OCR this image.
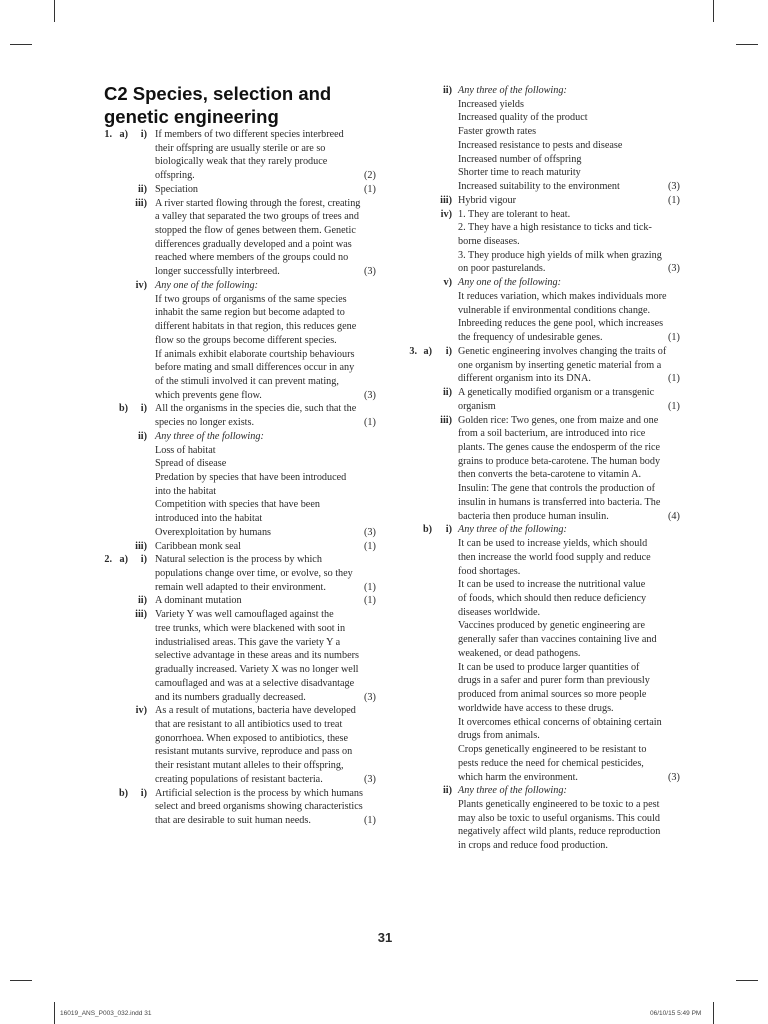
C2 Species, selection and genetic engineering
1. a)	i) If members of two different species interbreed
their offspring are usually sterile or are so
biologically weak that they rarely produce
offspring.	(2)
ii) Speciation	(1)
iii) A river started flowing through the forest, creating
a valley that separated the two groups of trees and
stopped the flow of genes between them. Genetic
differences gradually developed and a point was
reached where members of the groups could no
longer successfully interbreed.	(3)
iv) Any one of the following:
If two groups of organisms of the same species
inhabit the same region but become adapted to
different habitats in that region, this reduces gene
flow so the groups become different species.
If animals exhibit elaborate courtship behaviours
before mating and small differences occur in any
of the stimuli involved it can prevent mating,
which prevents gene flow.	(3)
b)	i) All the organisms in the species die, such that the
species no longer exists.	(1)
ii) Any three of the following:
Loss of habitat
Spread of disease
Predation by species that have been introduced
into the habitat
Competition with species that have been
introduced into the habitat
Overexploitation by humans	(3)
iii) Caribbean monk seal	(1)
2. a)	i) Natural selection is the process by which
populations change over time, or evolve, so they
remain well adapted to their environment.	(1)
ii) A dominant mutation	(1)
iii) Variety Y was well camouflaged against the
tree trunks, which were blackened with soot in
industrialised areas. This gave the variety Y a
selective advantage in these areas and its numbers
gradually increased. Variety X was no longer well
camouflaged and was at a selective disadvantage
and its numbers gradually decreased.	(3)
iv) As a result of mutations, bacteria have developed
that are resistant to all antibiotics used to treat
gonorrhoea. When exposed to antibiotics, these
resistant mutants survive, reproduce and pass on
their resistant mutant alleles to their offspring,
creating populations of resistant bacteria.	(3)
b)	i) Artificial selection is the process by which humans
select and breed organisms showing characteristics
that are desirable to suit human needs.	(1)
ii) Any three of the following:
Increased yields
Increased quality of the product
Faster growth rates
Increased resistance to pests and disease
Increased number of offspring
Shorter time to reach maturity
Increased suitability to the environment	(3)
iii) Hybrid vigour	(1)
iv) 1. They are tolerant to heat.
2. They have a high resistance to ticks and tick-
borne diseases.
3. They produce high yields of milk when grazing
on poor pasturelands.	(3)
v) Any one of the following:
It reduces variation, which makes individuals more
vulnerable if environmental conditions change.
Inbreeding reduces the gene pool, which increases
the frequency of undesirable genes.	(1)
3. a)	i) Genetic engineering involves changing the traits of
one organism by inserting genetic material from a
different organism into its DNA.	(1)
ii) A genetically modified organism or a transgenic
organism	(1)
iii) Golden rice: Two genes, one from maize and one
from a soil bacterium, are introduced into rice
plants. The genes cause the endosperm of the rice
grains to produce beta-carotene. The human body
then converts the beta-carotene to vitamin A.
Insulin: The gene that controls the production of
insulin in humans is transferred into bacteria. The
bacteria then produce human insulin.	(4)
b)	i) Any three of the following:
It can be used to increase yields, which should
then increase the world food supply and reduce
food shortages.
It can be used to increase the nutritional value
of foods, which should then reduce deficiency
diseases worldwide.
Vaccines produced by genetic engineering are
generally safer than vaccines containing live and
weakened, or dead pathogens.
It can be used to produce larger quantities of
drugs in a safer and purer form than previously
produced from animal sources so more people
worldwide have access to these drugs.
It overcomes ethical concerns of obtaining certain
drugs from animals.
Crops genetically engineered to be resistant to
pests reduce the need for chemical pesticides,
which harm the environment.	(3)
ii) Any three of the following:
Plants genetically engineered to be toxic to a pest
may also be toxic to useful organisms. This could
negatively affect wild plants, reduce reproduction
in crops and reduce food production.
31
16019_ANS_P003_032.indd 31	06/10/15 5:49 PM
